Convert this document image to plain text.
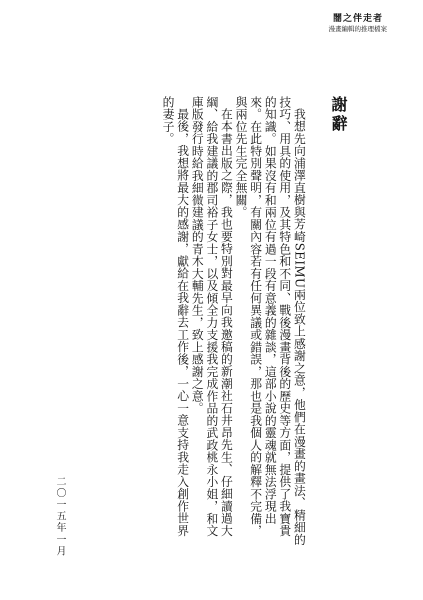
闇之伴走者
漫畫編輯的推理檔案
謝辭

我想先向浦澤直樹與芳崎SEIMU兩位致上感謝之意，他們在漫畫的畫法、精細的技巧、用具的使用，及其特色和不同、戰後漫畫背後的歷史等方面，提供了我寶貴的知識。如果沒有和兩位有過一段有意義的雜談，這部小說的靈魂就無法浮現出來。在此特別聲明，有關內容若有任何異議或錯誤，那也是我個人的解釋不完備，與兩位先生完全無關。

在本書出版之際，我也要特別對最早向我邀稿的新潮社石井昂先生、仔細讀過大綱、給我建議的郡司裕子女士，以及傾全力支援我完成作品的武政桃永小姐，和文庫版發行時給我細微建議的青木大輔先生，致上感謝之意。

最後，我想將最大的感謝，獻給在我辭去工作後，一心一意支持我走入創作世界的妻子。

二〇一五年一月
